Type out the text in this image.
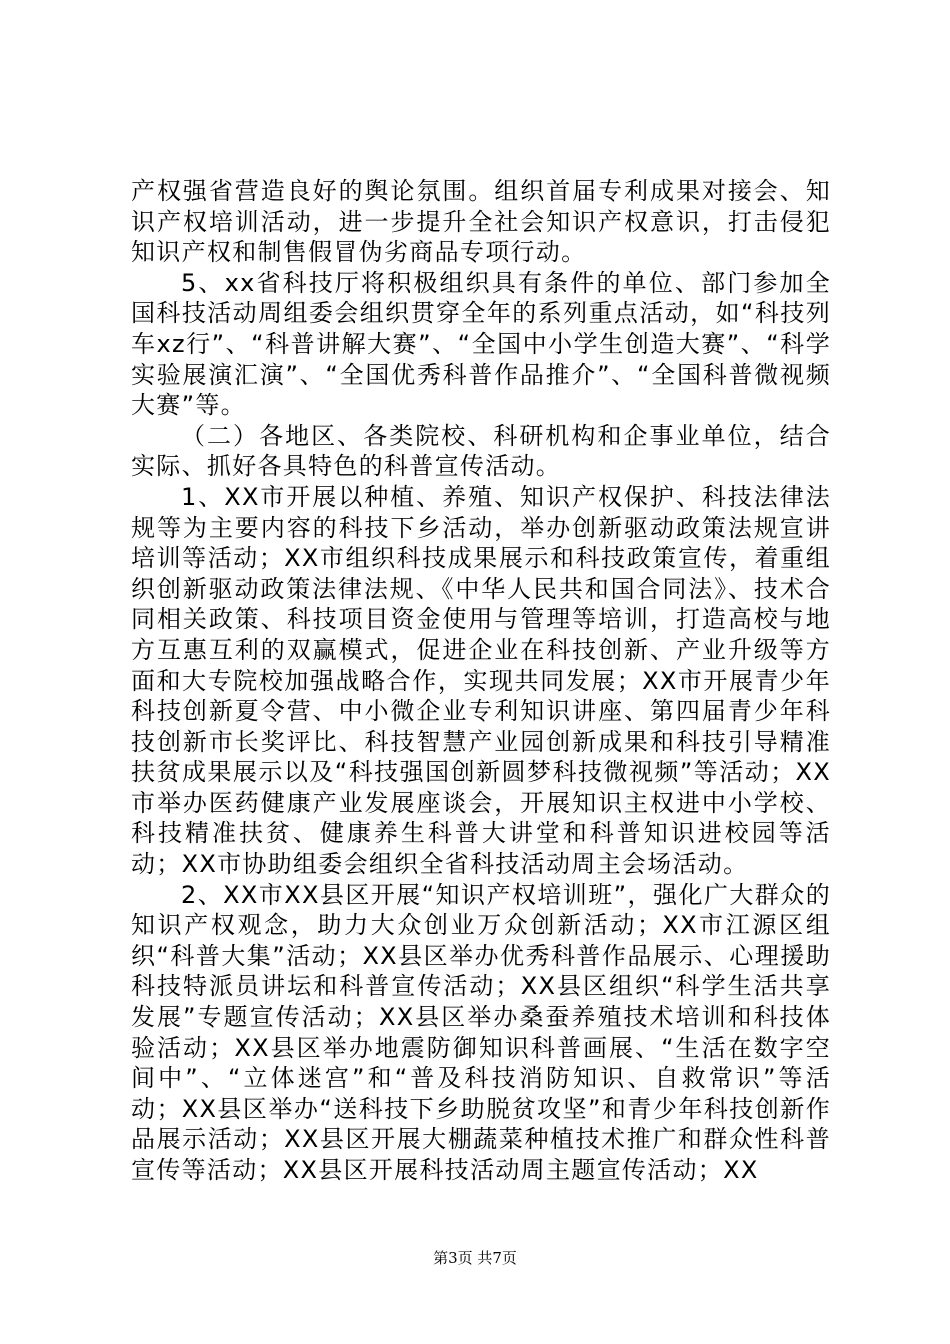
产权强省营造良好的舆论氛围。组织首届专利成果对接会、知识产权培训活动，进一步提升全社会知识产权意识，打击侵犯知识产权和制售假冒伪劣商品专项行动。

5、xx省科技厅将积极组织具有条件的单位、部门参加全国科技活动周组委会组织贯穿全年的系列重点活动，如“科技列车xz行”、“科普讲解大赛”、“全国中小学生创造大赛”、“科学实验展演汇演”、“全国优秀科普作品推介”、“全国科普微视频大赛”等。

（二）各地区、各类院校、科研机构和企事业单位，结合实际、抓好各具特色的科普宣传活动。

1、XX市开展以种植、养殖、知识产权保护、科技法律法规等为主要内容的科技下乡活动，举办创新驱动政策法规宣讲培训等活动；XX市组织科技成果展示和科技政策宣传，着重组织创新驱动政策法律法规、《中华人民共和国合同法》、技术合同相关政策、科技项目资金使用与管理等培训，打造高校与地方互惠互利的双赢模式，促进企业在科技创新、产业升级等方面和大专院校加强战略合作，实现共同发展；XX市开展青少年科技创新夏令营、中小微企业专利知识讲座、第四届青少年科技创新市长奖评比、科技智慧产业园创新成果和科技引导精准扶贫成果展示以及“科技强国创新圆梦科技微视频”等活动；XX市举办医药健康产业发展座谈会，开展知识主权进中小学校、科技精准扶贫、健康养生科普大讲堂和科普知识进校园等活动；XX市协助组委会组织全省科技活动周主会场活动。

2、XX市XX县区开展“知识产权培训班”，强化广大群众的知识产权观念，助力大众创业万众创新活动；XX市江源区组织“科普大集”活动；XX县区举办优秀科普作品展示、心理援助科技特派员讲坛和科普宣传活动；XX县区组织“科学生活共享发展”专题宣传活动；XX县区举办桑蚕养殖技术培训和科技体验活动；XX县区举办地震防御知识科普画展、“生活在数字空间中”、“立体迷宫”和“普及科技消防知识、自救常识”等活动；XX县区举办“送科技下乡助脱贫攻坚”和青少年科技创新作品展示活动；XX县区开展大棚蔬菜种植技术推广和群众性科普宣传等活动；XX县区开展科技活动周主题宣传活动；XX

第3页 共7页
